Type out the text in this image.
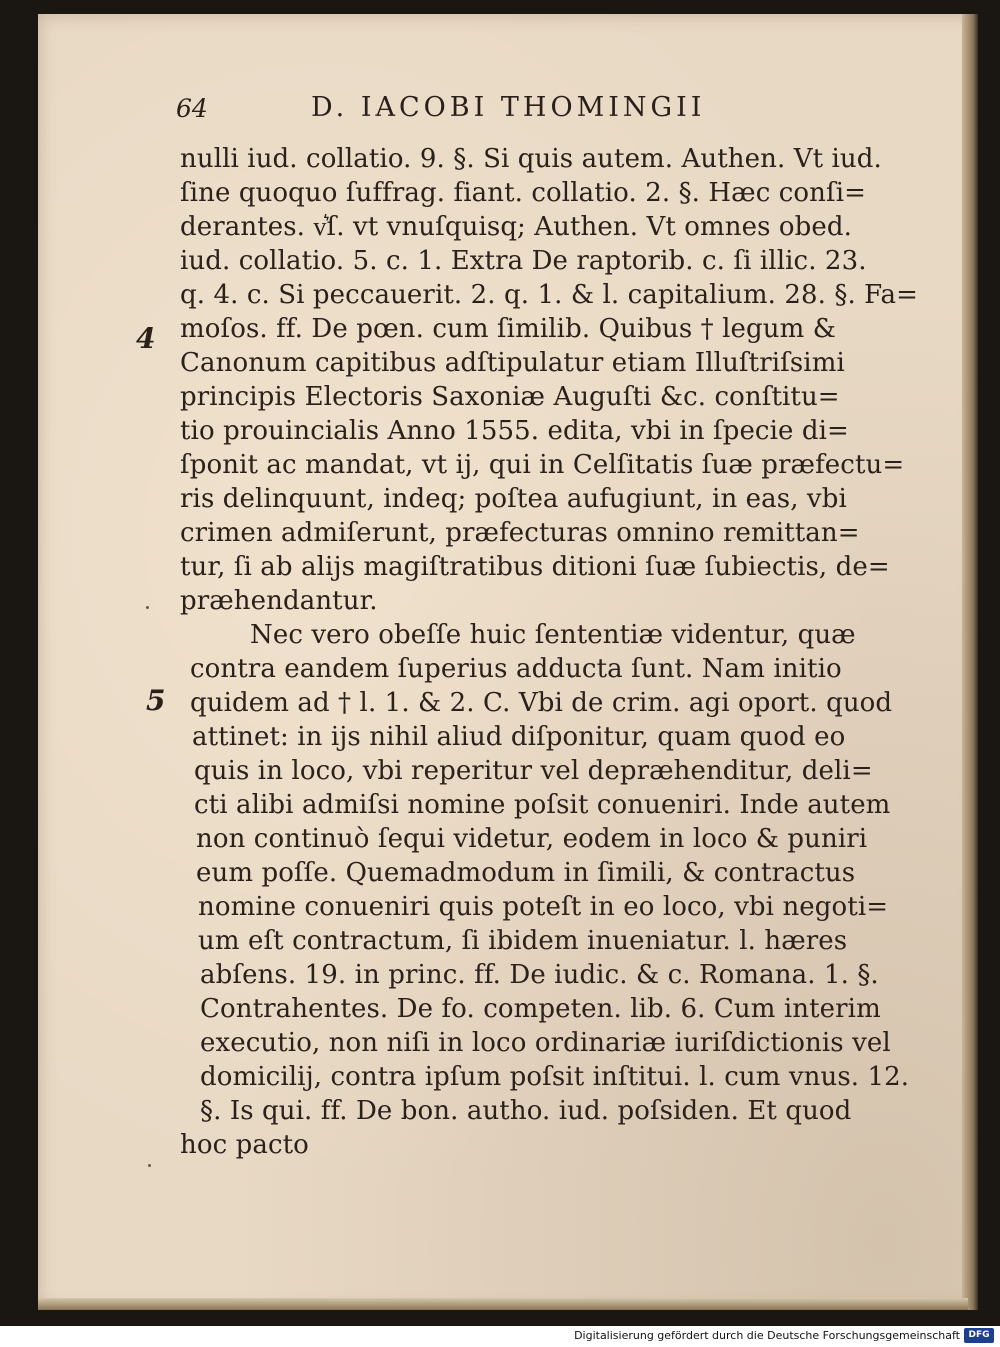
64	D. IACOBI THOMINGII
4
5
nulli iud. collatio. 9. §. Si quis autem. Authen. Vt iud.
ſine quoquo ſuffrag. fiant. collatio. 2. §. Hæc conſi=
derantes. v͛ſ. vt vnuſquisq; Authen. Vt omnes obed.
iud. collatio. 5. c. 1. Extra De raptorib. c. ſi illic. 23.
q. 4. c. Si peccauerit. 2. q. 1. & l. capitalium. 28. §. Fa=
moſos. ff. De pœn. cum ſimilib. Quibus † legum &
Canonum capitibus adſtipulatur etiam Illuſtriſsimi
principis Electoris Saxoniæ Auguſti &c. conſtitu=
tio prouincialis Anno 1555. edita, vbi in ſpecie di=
ſponit ac mandat, vt ij, qui in Celſitatis ſuæ præfectu=
ris delinquunt, indeq; poſtea aufugiunt, in eas, vbi
crimen admiſerunt, præfecturas omnino remittan=
tur, ſi ab alijs magiſtratibus ditioni ſuæ ſubiectis, de=
præhendantur.
Nec vero obeſſe huic ſententiæ videntur, quæ
contra eandem ſuperius adducta ſunt. Nam initio
quidem ad † l. 1. & 2. C. Vbi de crim. agi oport. quod
attinet: in ijs nihil aliud diſponitur, quam quod eo
quis in loco, vbi reperitur vel depræhenditur, deli=
cti alibi admiſsi nomine poſsit conueniri. Inde autem
non continuò ſequi videtur, eodem in loco & puniri
eum poſſe. Quemadmodum in ſimili, & contractus
nomine conueniri quis poteſt in eo loco, vbi negoti=
um eſt contractum, ſi ibidem inueniatur. l. hæres
abſens. 19. in princ. ff. De iudic. & c. Romana. 1. §.
Contrahentes. De fo. competen. lib. 6. Cum interim
executio, non niſi in loco ordinariæ iuriſdictionis vel
domicilij, contra ipſum poſsit inſtitui. l. cum vnus. 12.
§. Is qui. ff. De bon. autho. iud. poſsiden. Et quod
hoc pacto
Digitalisierung gefördert durch die Deutsche Forschungsgemeinschaft DFG
